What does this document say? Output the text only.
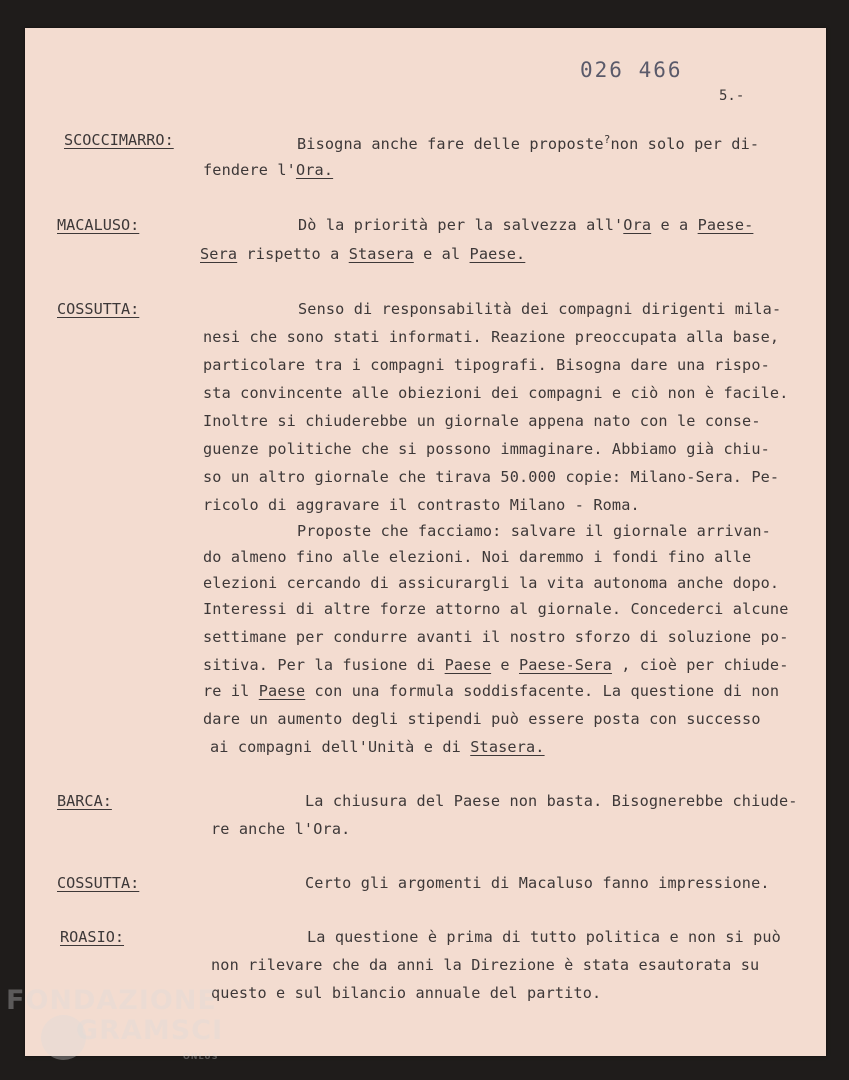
026 466
5.-
SCOCCIMARRO:	Bisogna anche fare delle proposte?non solo per di-
fendere l'Ora.
MACALUSO:	Dò la priorità per la salvezza all'Ora e a Paese-
Sera rispetto a Stasera e al Paese.
COSSUTTA:	Senso di responsabilità dei compagni dirigenti mila-
nesi che sono stati informati. Reazione preoccupata alla base,
particolare tra i compagni tipografi. Bisogna dare una rispo-
sta convincente alle obiezioni dei compagni e ciò non è facile.
Inoltre si chiuderebbe un giornale appena nato con le conse-
guenze politiche che si possono immaginare. Abbiamo già chiu-
so un altro giornale che tirava 50.000 copie: Milano-Sera. Pe-
ricolo di aggravare il contrasto Milano - Roma.
Proposte che facciamo: salvare il giornale arrivan-
do almeno fino alle elezioni. Noi daremmo i fondi fino alle
elezioni cercando di assicurargli la vita autonoma anche dopo.
Interessi di altre forze attorno al giornale. Concederci alcune
settimane per condurre avanti il nostro sforzo di soluzione po-
sitiva. Per la fusione di Paese e Paese-Sera , cioè per chiude-
re il Paese con una formula soddisfacente. La questione di non
dare un aumento degli stipendi può essere posta con successo
ai compagni dell'Unità e di Stasera.
BARCA:	La chiusura del Paese non basta. Bisognerebbe chiude-
re anche l'Ora.
COSSUTTA:	Certo gli argomenti di Macaluso fanno impressione.
ROASIO:	La questione è prima di tutto politica e non si può
non rilevare che da anni la Direzione è stata esautorata su
questo e sul bilancio annuale del partito.
FONDAZIONE
GRAMSCI
ONLUS
